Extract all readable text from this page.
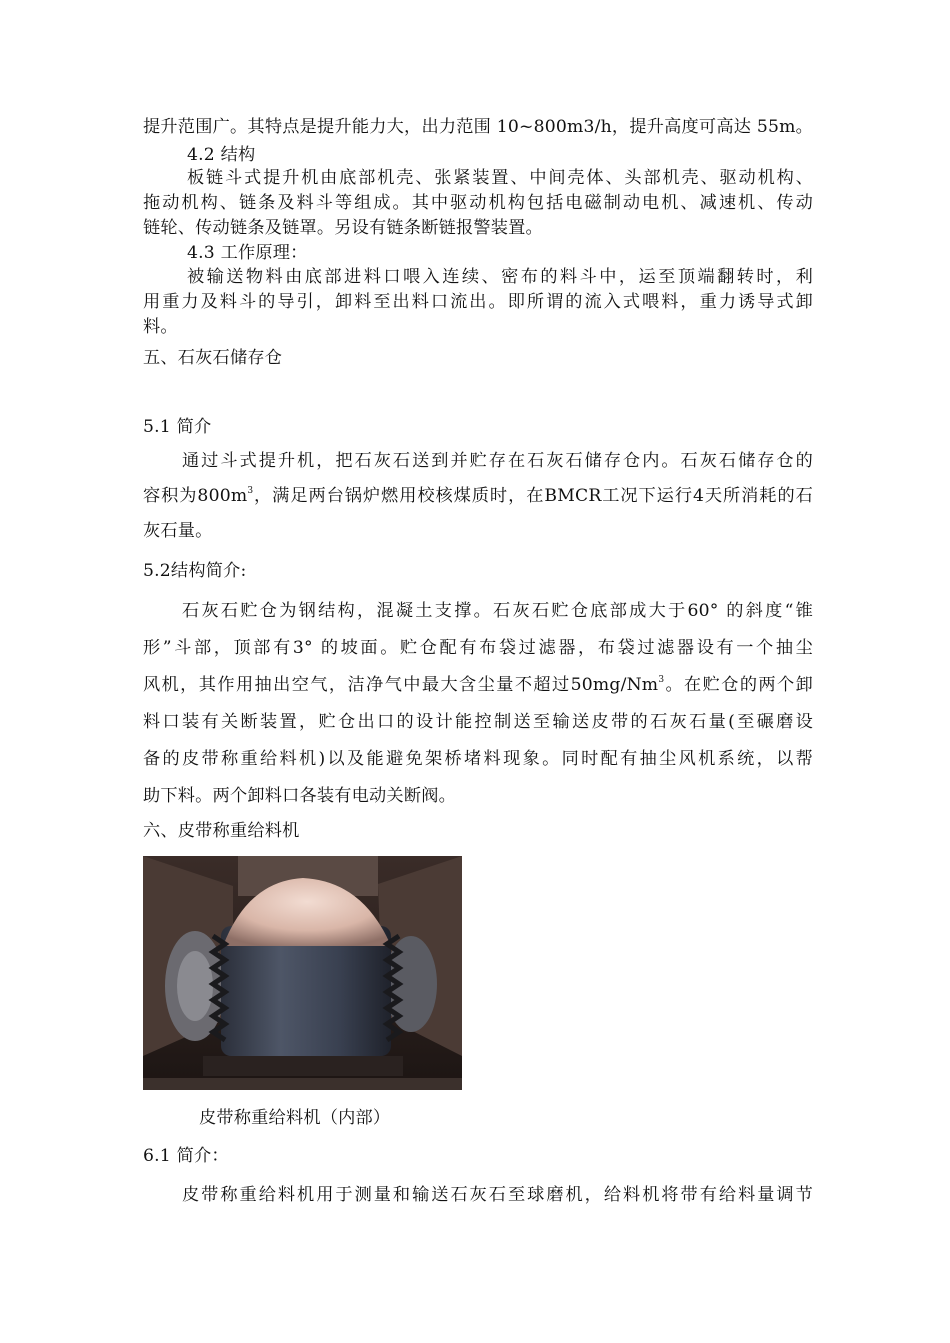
提升范围广。其特点是提升能力大，出力范围 10~800m3/h，提升高度可高达 55m。
4.2 结构
板链斗式提升机由底部机壳、张紧装置、中间壳体、头部机壳、驱动机构、
拖动机构、链条及料斗等组成。其中驱动机构包括电磁制动电机、减速机、传动
链轮、传动链条及链罩。另设有链条断链报警装置。
4.3 工作原理：
被输送物料由底部进料口喂入连续、密布的料斗中，运至顶端翻转时，利
用重力及料斗的导引，卸料至出料口流出。即所谓的流入式喂料，重力诱导式卸
料。
五、石灰石储存仓
5.1 简介
通过斗式提升机，把石灰石送到并贮存在石灰石储存仓内。石灰石储存仓的
容积为$800m^3$，满足两台锅炉燃用校核煤质时，在BMCR工况下运行4天所消耗的石
灰石量。
5.2结构简介:
石灰石贮仓为钢结构，混凝土支撑。石灰石贮仓底部成大于60° 的斜度“锥
形”斗部，顶部有3° 的坡面。贮仓配有布袋过滤器，布袋过滤器设有一个抽尘
风机，其作用抽出空气，洁净气中最大含尘量不超过50mg/Nm$^3$。在贮仓的两个卸
料口装有关断装置，贮仓出口的设计能控制送至输送皮带的石灰石量(至碾磨设
备的皮带称重给料机)以及能避免架桥堵料现象。同时配有抽尘风机系统，以帮
助下料。两个卸料口各装有电动关断阀。
六、皮带称重给料机
皮带称重给料机（内部）
6.1 简介：
皮带称重给料机用于测量和输送石灰石至球磨机，给料机将带有给料量调节
